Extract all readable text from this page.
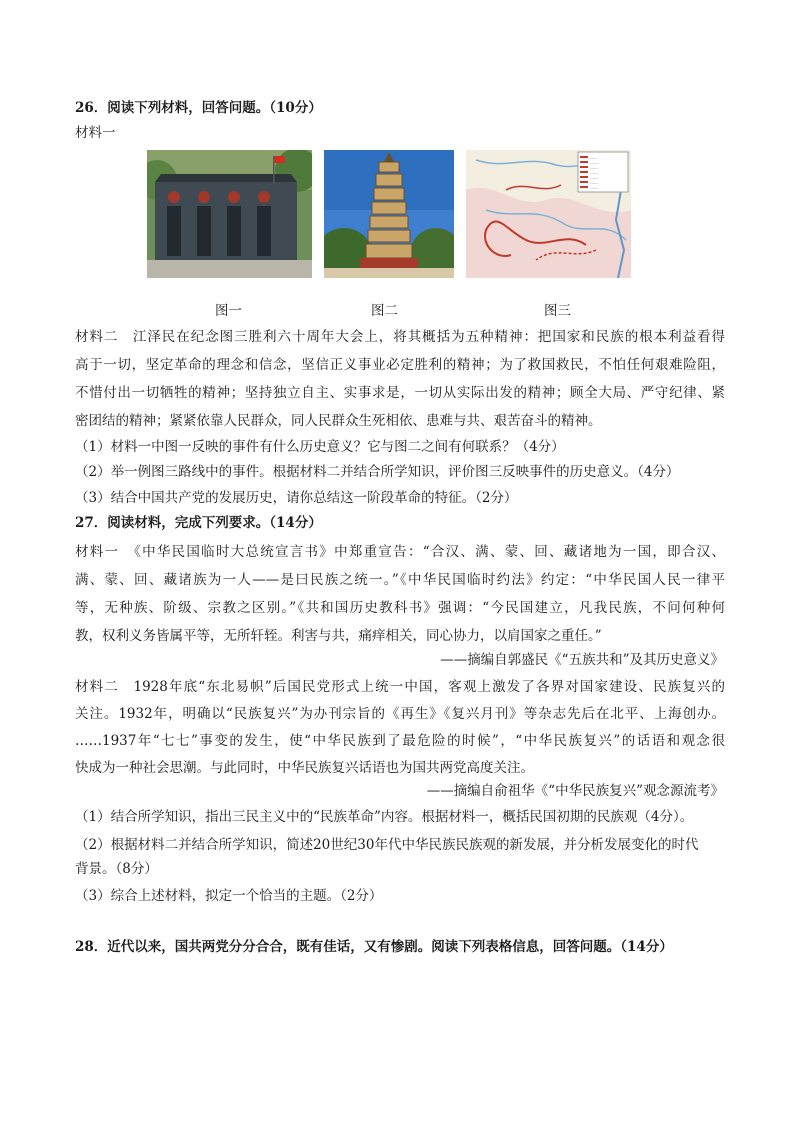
26．阅读下列材料，回答问题。（10分）
材料一
……
……
……
……
……
……
……
图一	图二	图三
材料二　江泽民在纪念图三胜利六十周年大会上，将其概括为五种精神：把国家和民族的根本利益看得
高于一切，坚定革命的理念和信念，坚信正义事业必定胜利的精神；为了救国救民，不怕任何艰难险阻，
不惜付出一切牺牲的精神；坚持独立自主、实事求是，一切从实际出发的精神；顾全大局、严守纪律、紧
密团结的精神；紧紧依靠人民群众，同人民群众生死相依、患难与共、艰苦奋斗的精神。
（1）材料一中图一反映的事件有什么历史意义？它与图二之间有何联系？（4分）
（2）举一例图三路线中的事件。根据材料二并结合所学知识，评价图三反映事件的历史意义。（4分）
（3）结合中国共产党的发展历史，请你总结这一阶段革命的特征。（2分）
27．阅读材料，完成下列要求。（14分）
材料一　《中华民国临时大总统宣言书》中郑重宣告：“合汉、满、蒙、回、藏诸地为一国，即合汉、
满、蒙、回、藏诸族为一人——是曰民族之统一。”《中华民国临时约法》约定：“中华民国人民一律平
等，无种族、阶级、宗教之区别。”《共和国历史教科书》强调：“今民国建立，凡我民族，不问何种何
教，权利义务皆属平等，无所轩轾。利害与共，痛痒相关，同心协力，以肩国家之重任。”
——摘编自郭盛民《“五族共和”及其历史意义》
材料二　1928年底“东北易帜”后国民党形式上统一中国，客观上激发了各界对国家建设、民族复兴的
关注。1932年，明确以“民族复兴”为办刊宗旨的《再生》《复兴月刊》等杂志先后在北平、上海创办。
……1937年“七七”事变的发生，使“中华民族到了最危险的时候”，“中华民族复兴”的话语和观念很
快成为一种社会思潮。与此同时，中华民族复兴话语也为国共两党高度关注。
——摘编自俞祖华《“中华民族复兴”观念源流考》
（1）结合所学知识，指出三民主义中的“民族革命”内容。根据材料一，概括民国初期的民族观（4分）。
（2）根据材料二并结合所学知识，简述20世纪30年代中华民族民族观的新发展，并分析发展变化的时代
背景。（8分）
（3）综合上述材料，拟定一个恰当的主题。（2分）
28．近代以来，国共两党分分合合，既有佳话，又有惨剧。阅读下列表格信息，回答问题。（14分）
